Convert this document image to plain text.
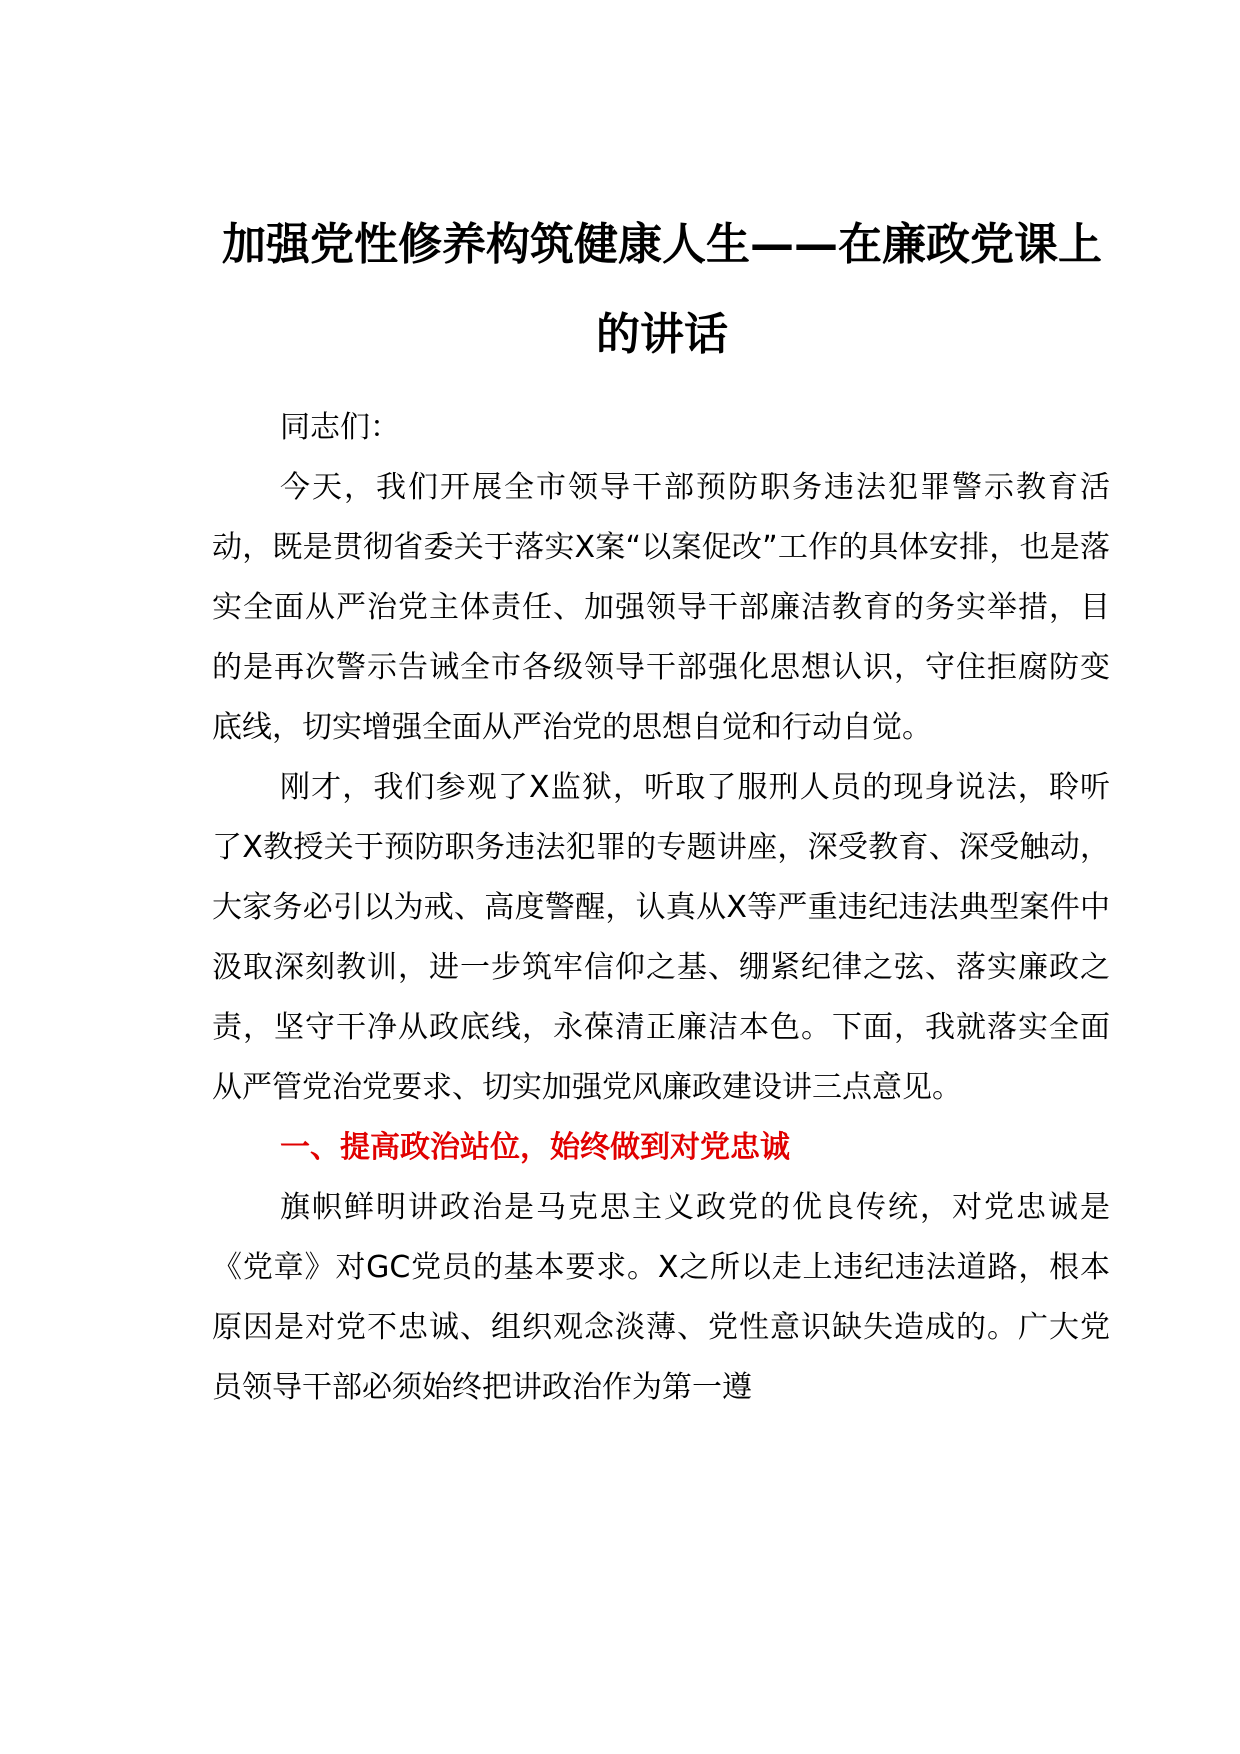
加强党性修养构筑健康人生——在廉政党课上的讲话

同志们：

今天，我们开展全市领导干部预防职务违法犯罪警示教育活动，既是贯彻省委关于落实X案“以案促改”工作的具体安排，也是落实全面从严治党主体责任、加强领导干部廉洁教育的务实举措，目的是再次警示告诫全市各级领导干部强化思想认识，守住拒腐防变底线，切实增强全面从严治党的思想自觉和行动自觉。

刚才，我们参观了X监狱，听取了服刑人员的现身说法，聆听了X教授关于预防职务违法犯罪的专题讲座，深受教育、深受触动，大家务必引以为戒、高度警醒，认真从X等严重违纪违法典型案件中汲取深刻教训，进一步筑牢信仰之基、绷紧纪律之弦、落实廉政之责，坚守干净从政底线，永葆清正廉洁本色。下面，我就落实全面从严管党治党要求、切实加强党风廉政建设讲三点意见。

一、提高政治站位，始终做到对党忠诚

旗帜鲜明讲政治是马克思主义政党的优良传统，对党忠诚是《党章》对GC党员的基本要求。X之所以走上违纪违法道路，根本原因是对党不忠诚、组织观念淡薄、党性意识缺失造成的。广大党员领导干部必须始终把讲政治作为第一遵
